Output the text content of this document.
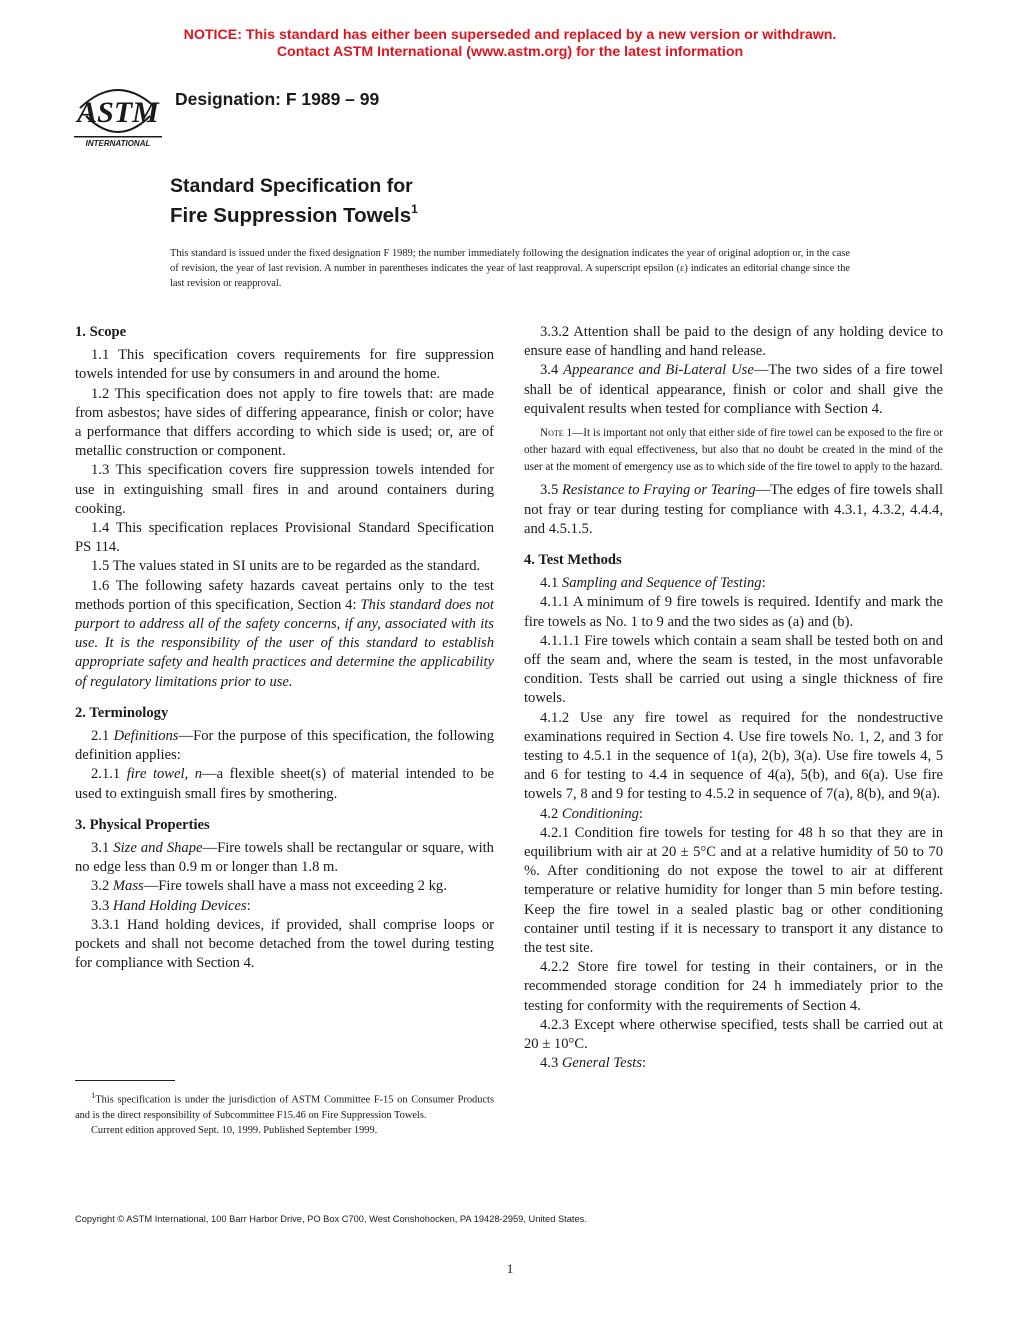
NOTICE: This standard has either been superseded and replaced by a new version or withdrawn.
Contact ASTM International (www.astm.org) for the latest information
ASTM
INTERNATIONAL
Designation: F 1989 – 99
Standard Specification for
Fire Suppression Towels$^1$
This standard is issued under the fixed designation F 1989; the number immediately following the designation indicates the year of original adoption or, in the case of revision, the year of last revision. A number in parentheses indicates the year of last reapproval. A superscript epsilon (ε) indicates an editorial change since the last revision or reapproval.
1. Scope

1.1 This specification covers requirements for fire suppression towels intended for use by consumers in and around the home.

1.2 This specification does not apply to fire towels that: are made from asbestos; have sides of differing appearance, finish or color; have a performance that differs according to which side is used; or, are of metallic construction or component.

1.3 This specification covers fire suppression towels intended for use in extinguishing small fires in and around containers during cooking.

1.4 This specification replaces Provisional Standard Specification PS 114.

1.5 The values stated in SI units are to be regarded as the standard.

1.6 The following safety hazards caveat pertains only to the test methods portion of this specification, Section 4: This standard does not purport to address all of the safety concerns, if any, associated with its use. It is the responsibility of the user of this standard to establish appropriate safety and health practices and determine the applicability of regulatory limitations prior to use.

2. Terminology

2.1 Definitions—For the purpose of this specification, the following definition applies:

2.1.1 fire towel, n—a flexible sheet(s) of material intended to be used to extinguish small fires by smothering.

3. Physical Properties

3.1 Size and Shape—Fire towels shall be rectangular or square, with no edge less than 0.9 m or longer than 1.8 m.

3.2 Mass—Fire towels shall have a mass not exceeding 2 kg.

3.3 Hand Holding Devices:

3.3.1 Hand holding devices, if provided, shall comprise loops or pockets and shall not become detached from the towel during testing for compliance with Section 4.

$^1$This specification is under the jurisdiction of ASTM Committee F-15 on Consumer Products and is the direct responsibility of Subcommittee F15.46 on Fire Suppression Towels.

Current edition approved Sept. 10, 1999. Published September 1999.

3.3.2 Attention shall be paid to the design of any holding device to ensure ease of handling and hand release.

3.4 Appearance and Bi-Lateral Use—The two sides of a fire towel shall be of identical appearance, finish or color and shall give the equivalent results when tested for compliance with Section 4.

Note 1—It is important not only that either side of fire towel can be exposed to the fire or other hazard with equal effectiveness, but also that no doubt be created in the mind of the user at the moment of emergency use as to which side of the fire towel to apply to the hazard.

3.5 Resistance to Fraying or Tearing—The edges of fire towels shall not fray or tear during testing for compliance with 4.3.1, 4.3.2, 4.4.4, and 4.5.1.5.

4. Test Methods

4.1 Sampling and Sequence of Testing:

4.1.1 A minimum of 9 fire towels is required. Identify and mark the fire towels as No. 1 to 9 and the two sides as (a) and (b).

4.1.1.1 Fire towels which contain a seam shall be tested both on and off the seam and, where the seam is tested, in the most unfavorable condition. Tests shall be carried out using a single thickness of fire towels.

4.1.2 Use any fire towel as required for the nondestructive examinations required in Section 4. Use fire towels No. 1, 2, and 3 for testing to 4.5.1 in the sequence of 1(a), 2(b), 3(a). Use fire towels 4, 5 and 6 for testing to 4.4 in sequence of 4(a), 5(b), and 6(a). Use fire towels 7, 8 and 9 for testing to 4.5.2 in sequence of 7(a), 8(b), and 9(a).

4.2 Conditioning:

4.2.1 Condition fire towels for testing for 48 h so that they are in equilibrium with air at 20 ± 5°C and at a relative humidity of 50 to 70 %. After conditioning do not expose the towel to air at different temperature or relative humidity for longer than 5 min before testing. Keep the fire towel in a sealed plastic bag or other conditioning container until testing if it is necessary to transport it any distance to the test site.

4.2.2 Store fire towel for testing in their containers, or in the recommended storage condition for 24 h immediately prior to the testing for conformity with the requirements of Section 4.

4.2.3 Except where otherwise specified, tests shall be carried out at 20 ± 10°C.

4.3 General Tests:

Copyright © ASTM International, 100 Barr Harbor Drive, PO Box C700, West Conshohocken, PA 19428-2959, United States.
1
